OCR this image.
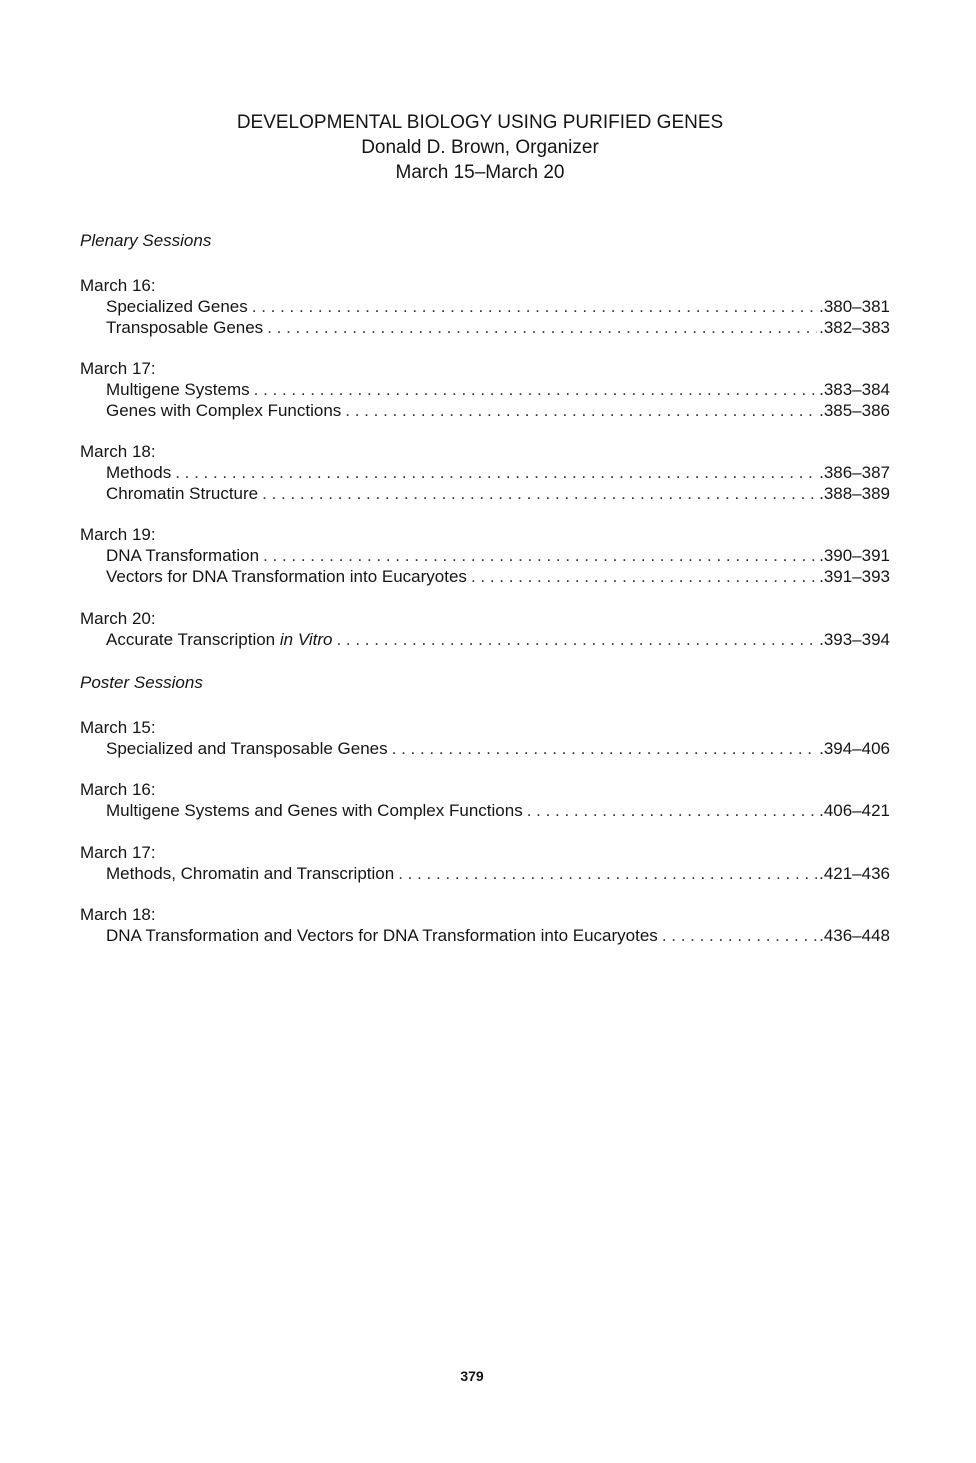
DEVELOPMENTAL BIOLOGY USING PURIFIED GENES
Donald D. Brown, Organizer
March 15–March 20
Plenary Sessions
March 16:
Specialized Genes . . .	.380–381
Transposable Genes . . .	.382–383
March 17:
Multigene Systems . . .	.383–384
Genes with Complex Functions . . .	.385–386
March 18:
Methods . . .	.386–387
Chromatin Structure . . .	.388–389
March 19:
DNA Transformation . . .	.390–391
Vectors for DNA Transformation into Eucaryotes . . .	.391–393
March 20:
Accurate Transcription in Vitro . . .	.393–394
Poster Sessions
March 15:
Specialized and Transposable Genes . . .	.394–406
March 16:
Multigene Systems and Genes with Complex Functions . . .	.406–421
March 17:
Methods, Chromatin and Transcription . . .	.421–436
March 18:
DNA Transformation and Vectors for DNA Transformation into Eucaryotes . . .	.436–448
379
